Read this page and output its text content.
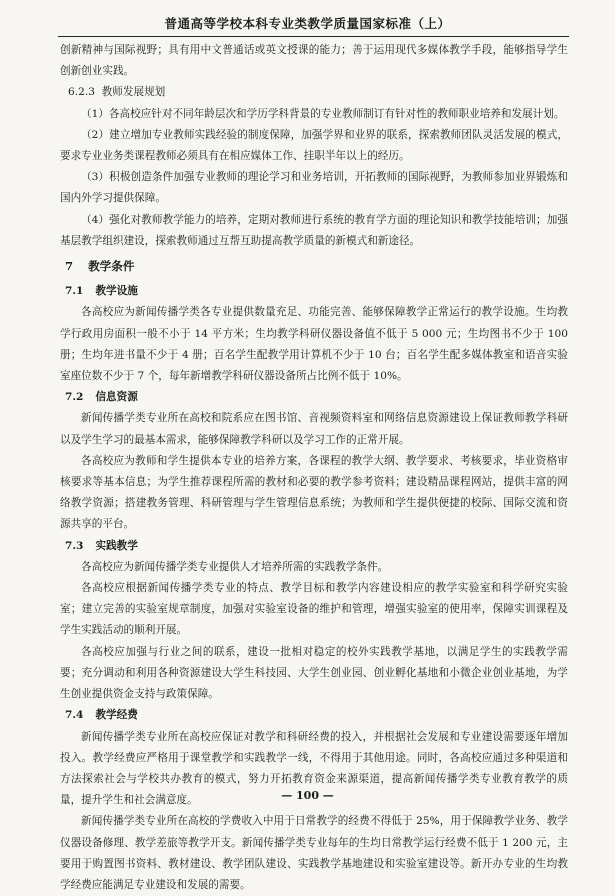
普通高等学校本科专业类教学质量国家标准（上）

创新精神与国际视野；具有用中文普通话或英文授课的能力；善于运用现代多媒体教学手段，能够指导学生创新创业实践。

6.2.3 教师发展规划

（1）各高校应针对不同年龄层次和学历学科背景的专业教师制订有针对性的教师职业培养和发展计划。

（2）建立增加专业教师实践经验的制度保障，加强学界和业界的联系，探索教师团队灵活发展的模式，要求专业业务类课程教师必须具有在相应媒体工作、挂职半年以上的经历。

（3）积极创造条件加强专业教师的理论学习和业务培训，开拓教师的国际视野，为教师参加业界锻炼和国内外学习提供保障。

（4）强化对教师教学能力的培养，定期对教师进行系统的教育学方面的理论知识和教学技能培训；加强基层教学组织建设，探索教师通过互帮互助提高教学质量的新模式和新途径。

7 教学条件

7.1 教学设施

各高校应为新闻传播学类各专业提供数量充足、功能完善、能够保障教学正常运行的教学设施。生均教学行政用房面积一般不小于 14 平方米；生均教学科研仪器设备值不低于 5 000 元；生均图书不少于 100 册；生均年进书量不少于 4 册；百名学生配教学用计算机不少于 10 台；百名学生配多媒体教室和语音实验室座位数不少于 7 个，每年新增教学科研仪器设备所占比例不低于 10%。

7.2 信息资源

新闻传播学类专业所在高校和院系应在图书馆、音视频资料室和网络信息资源建设上保证教师教学科研以及学生学习的最基本需求，能够保障教学科研以及学习工作的正常开展。

各高校应为教师和学生提供本专业的培养方案，各课程的教学大纲、教学要求、考核要求，毕业资格审核要求等基本信息；为学生推荐课程所需的教材和必要的教学参考资料；建设精品课程网站，提供丰富的网络教学资源；搭建教务管理、科研管理与学生管理信息系统；为教师和学生提供便捷的校际、国际交流和资源共享的平台。

7.3 实践教学

各高校应为新闻传播学类专业提供人才培养所需的实践教学条件。

各高校应根据新闻传播学类专业的特点、教学目标和教学内容建设相应的教学实验室和科学研究实验室；建立完善的实验室规章制度，加强对实验室设备的维护和管理，增强实验室的使用率，保障实训课程及学生实践活动的顺利开展。

各高校应加强与行业之间的联系，建设一批相对稳定的校外实践教学基地，以满足学生的实践教学需要；充分调动和利用各种资源建设大学生科技园、大学生创业园、创业孵化基地和小微企业创业基地，为学生创业提供资金支持与政策保障。

7.4 教学经费

新闻传播学类专业所在高校应保证对教学和科研经费的投入，并根据社会发展和专业建设需要逐年增加投入。教学经费应严格用于课堂教学和实践教学一线，不得用于其他用途。同时，各高校应通过多种渠道和方法探索社会与学校共办教育的模式，努力开拓教育资金来源渠道，提高新闻传播学类专业教育教学的质量，提升学生和社会满意度。

新闻传播学类专业所在高校的学费收入中用于日常教学的经费不得低于 25%，用于保障教学业务、教学仪器设备修理、教学差旅等教学开支。新闻传播学类专业每年的生均日常教学运行经费不低于 1 200 元，主要用于购置图书资料、教材建设、教学团队建设、实践教学基地建设和实验室建设等。新开办专业的生均教学经费应能满足专业建设和发展的需要。

— 100 —
